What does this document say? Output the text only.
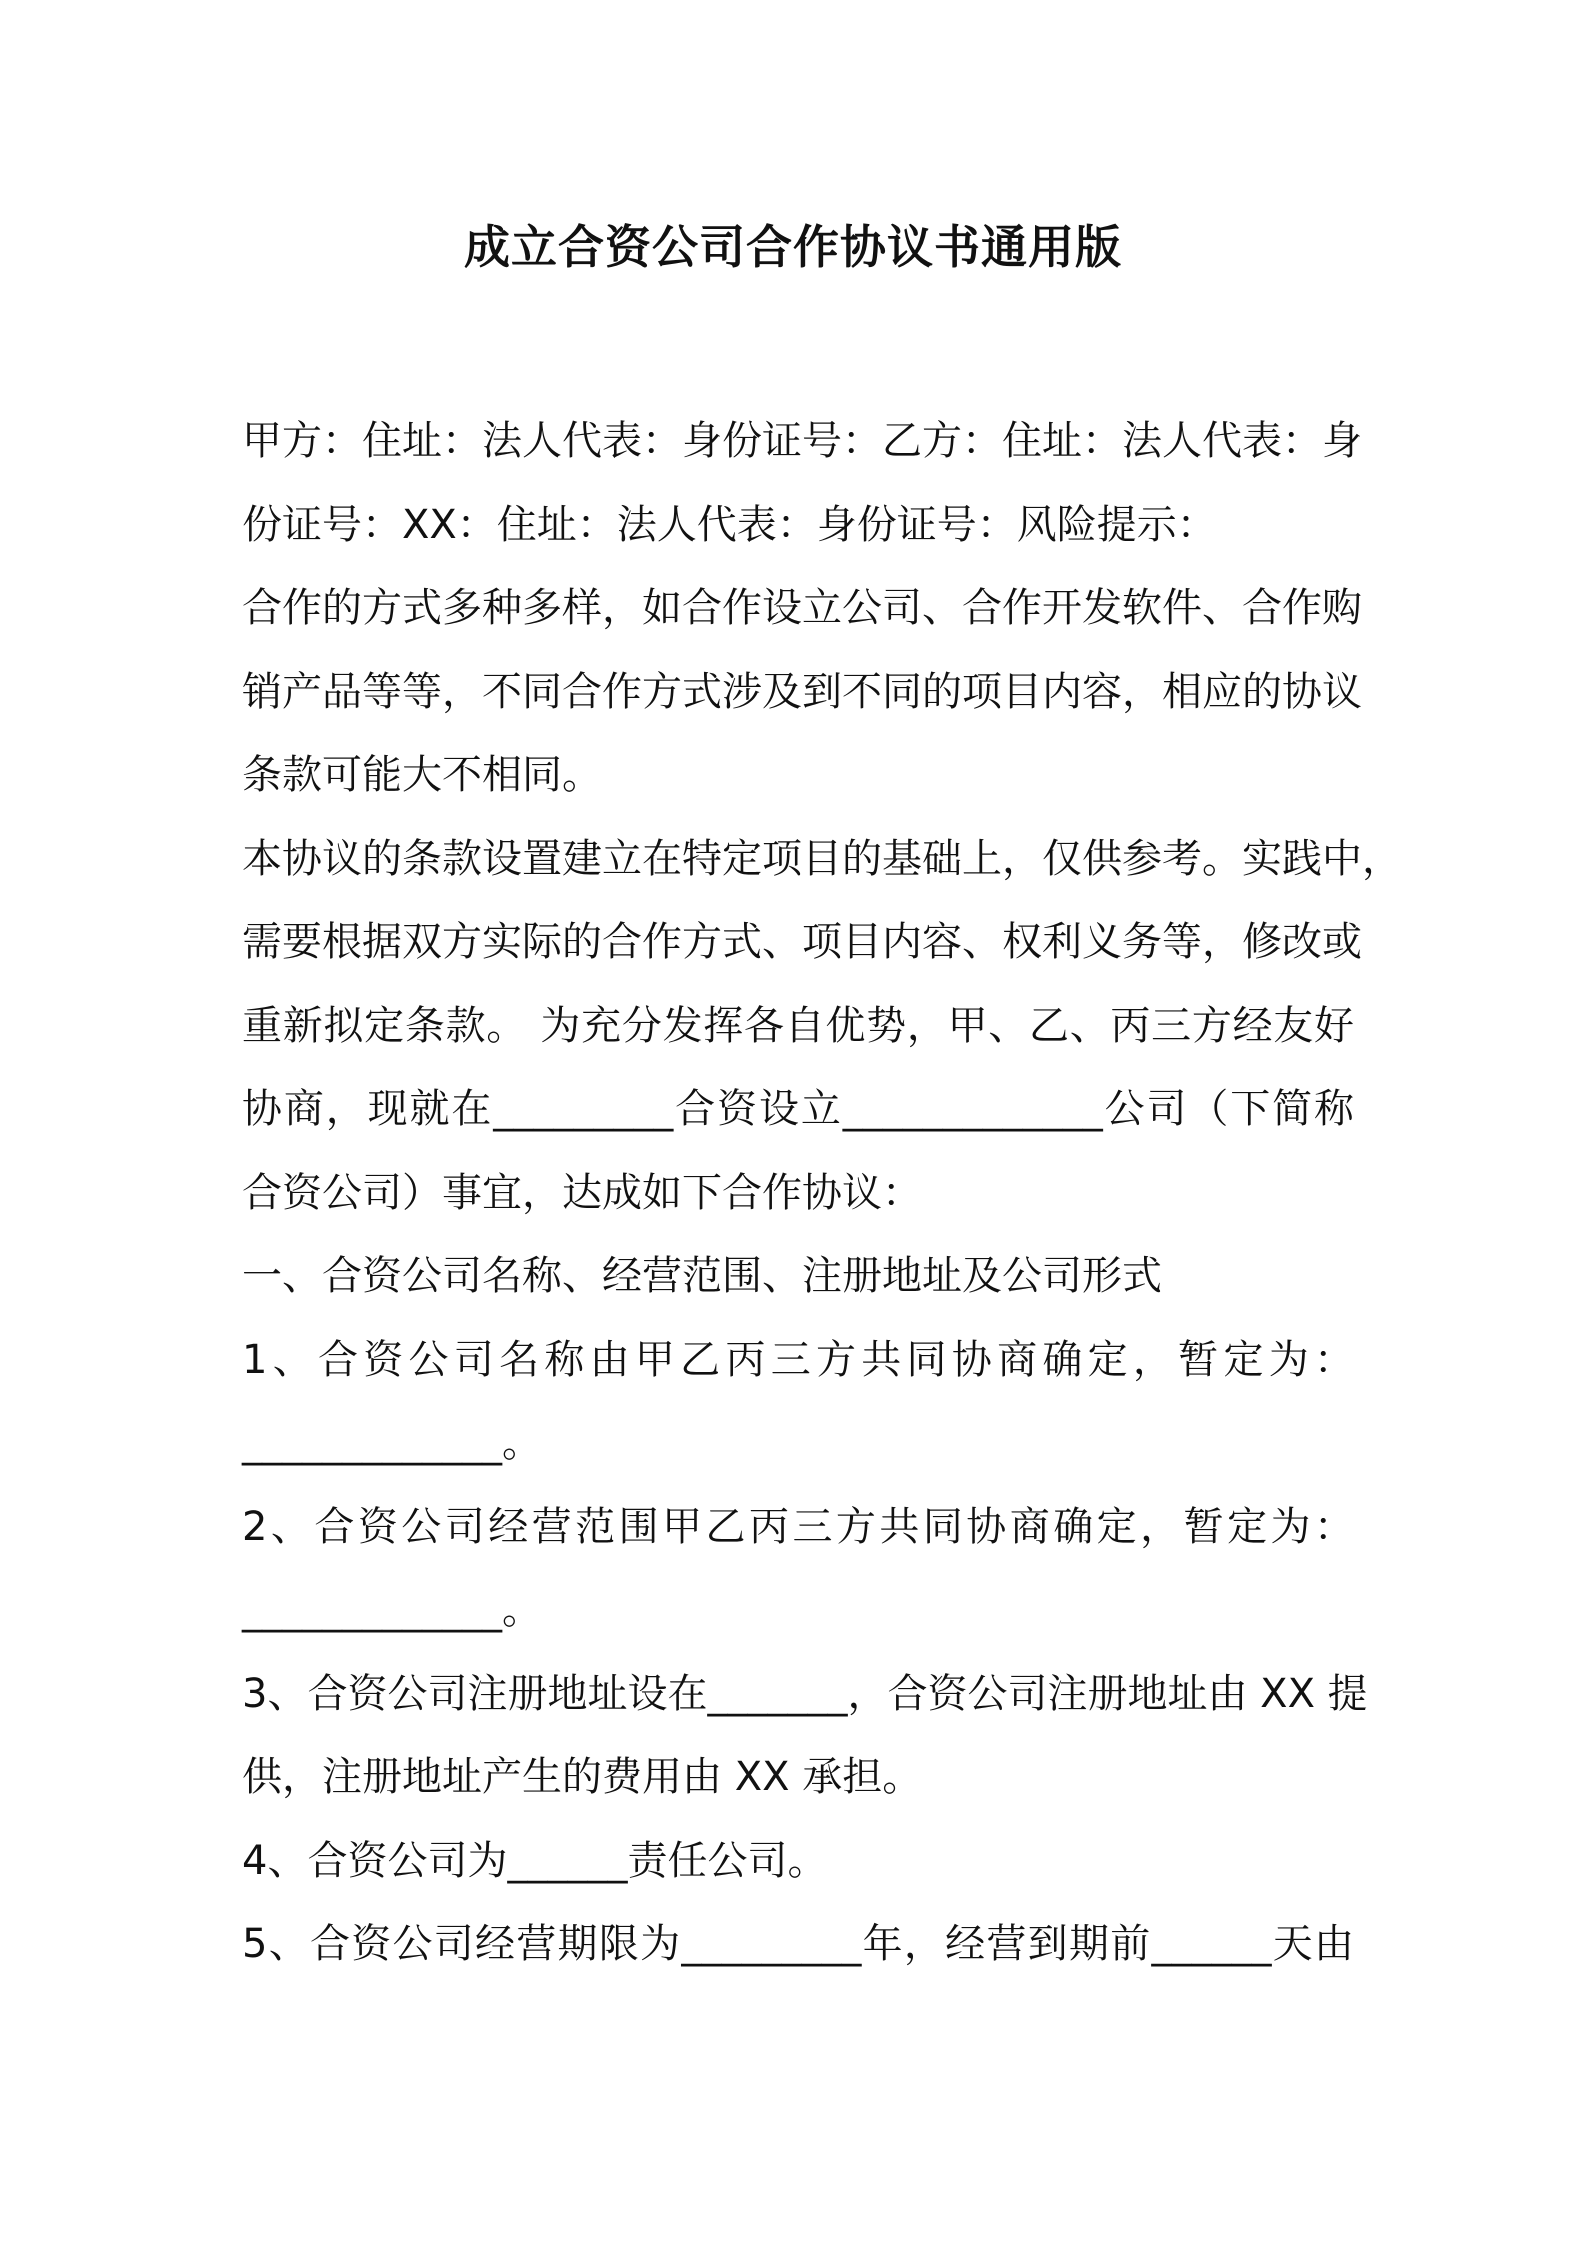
成立合资公司合作协议书通用版
甲方：住址：法人代表：身份证号：乙方：住址：法人代表：身
份证号：XX：住址：法人代表：身份证号：风险提示：
合作的方式多种多样，如合作设立公司、合作开发软件、合作购
销产品等等，不同合作方式涉及到不同的项目内容，相应的协议
条款可能大不相同。
本协议的条款设置建立在特定项目的基础上，仅供参考。实践中，
需要根据双方实际的合作方式、项目内容、权利义务等，修改或
重新拟定条款。 为充分发挥各自优势，甲、乙、丙三方经友好
协商，现就在_________合资设立_____________公司（下简称
合资公司）事宜，达成如下合作协议：
一、合资公司名称、经营范围、注册地址及公司形式
1、合资公司名称由甲乙丙三方共同协商确定，暂定为：
_____________。
2、合资公司经营范围甲乙丙三方共同协商确定，暂定为：
_____________。
3、合资公司注册地址设在_______，合资公司注册地址由 XX 提
供，注册地址产生的费用由 XX 承担。
4、合资公司为______责任公司。
5、合资公司经营期限为_________年，经营到期前______天由
